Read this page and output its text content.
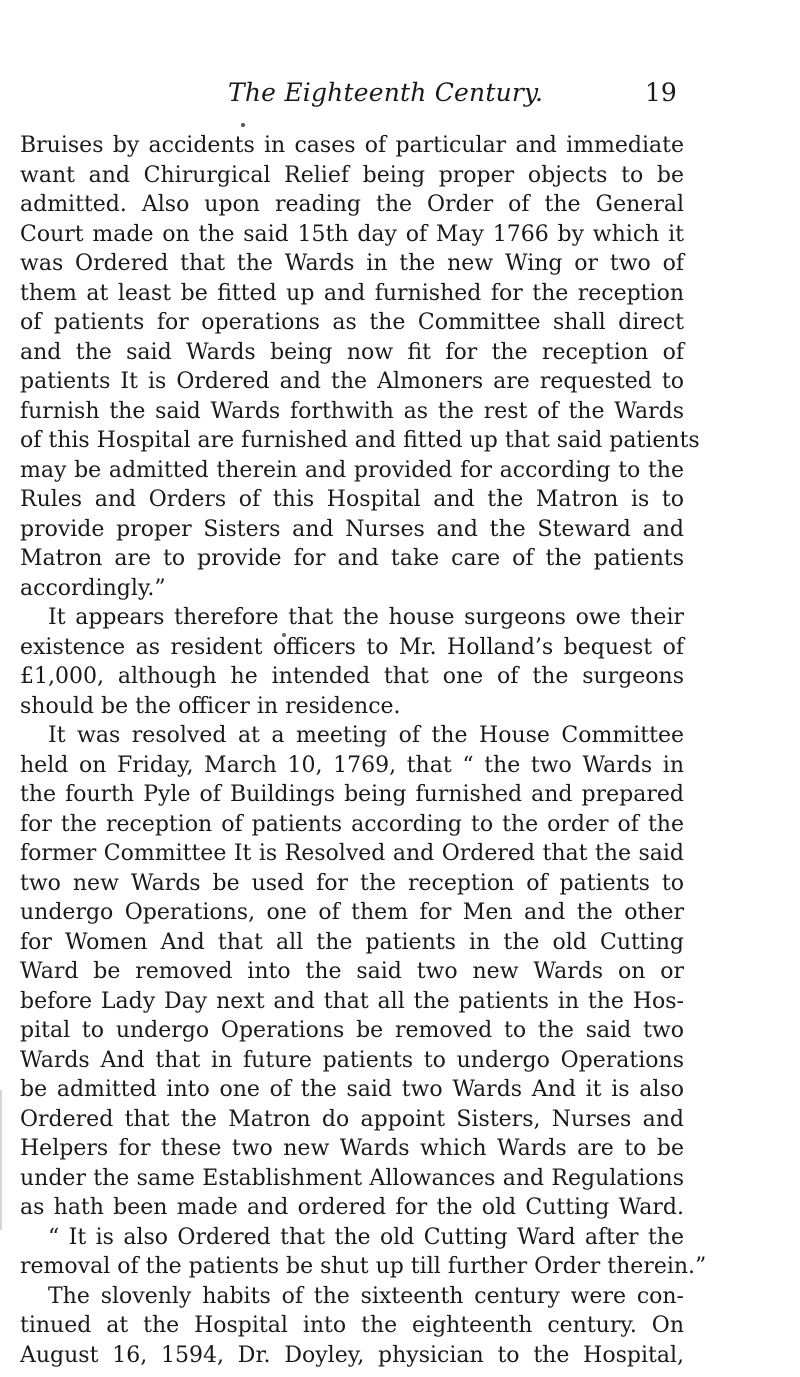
The Eighteenth Century.	19
Bruises by accidents in cases of particular and immediate
want and Chirurgical Relief being proper objects to be
admitted. Also upon reading the Order of the General
Court made on the said 15th day of May 1766 by which it
was Ordered that the Wards in the new Wing or two of
them at least be fitted up and furnished for the reception
of patients for operations as the Committee shall direct
and the said Wards being now fit for the reception of
patients It is Ordered and the Almoners are requested to
furnish the said Wards forthwith as the rest of the Wards
of this Hospital are furnished and fitted up that said patients
may be admitted therein and provided for according to the
Rules and Orders of this Hospital and the Matron is to
provide proper Sisters and Nurses and the Steward and
Matron are to provide for and take care of the patients
accordingly.”
It appears therefore that the house surgeons owe their
existence as resident officers to Mr. Holland’s bequest of
£1,000, although he intended that one of the surgeons
should be the officer in residence.
It was resolved at a meeting of the House Committee
held on Friday, March 10, 1769, that “ the two Wards in
the fourth Pyle of Buildings being furnished and prepared
for the reception of patients according to the order of the
former Committee It is Resolved and Ordered that the said
two new Wards be used for the reception of patients to
undergo Operations, one of them for Men and the other
for Women And that all the patients in the old Cutting
Ward be removed into the said two new Wards on or
before Lady Day next and that all the patients in the Hos-
pital to undergo Operations be removed to the said two
Wards And that in future patients to undergo Operations
be admitted into one of the said two Wards And it is also
Ordered that the Matron do appoint Sisters, Nurses and
Helpers for these two new Wards which Wards are to be
under the same Establishment Allowances and Regulations
as hath been made and ordered for the old Cutting Ward.
“ It is also Ordered that the old Cutting Ward after the
removal of the patients be shut up till further Order therein.”
The slovenly habits of the sixteenth century were con-
tinued at the Hospital into the eighteenth century. On
August 16, 1594, Dr. Doyley, physician to the Hospital,
